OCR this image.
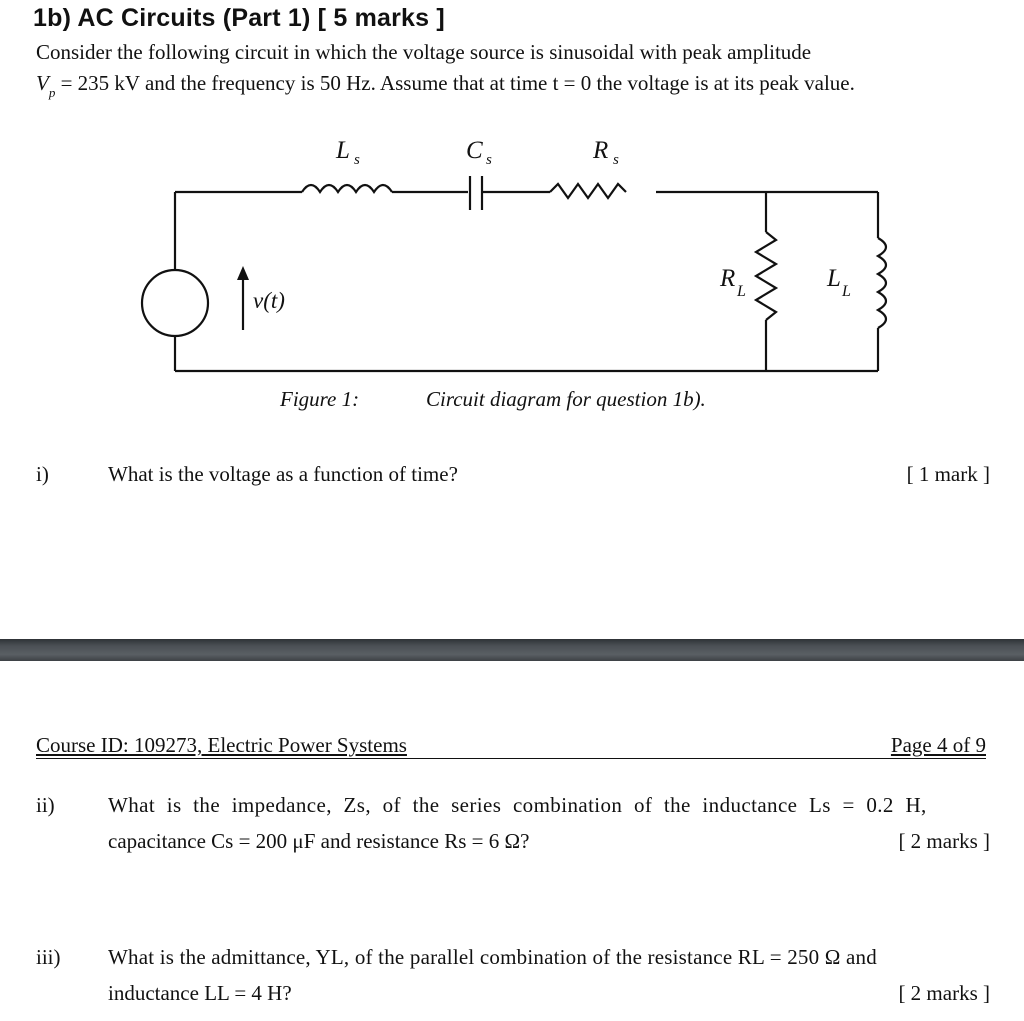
1b) AC Circuits (Part 1) [ 5 marks ]
Consider the following circuit in which the voltage source is sinusoidal with peak amplitude
$V_p = 235$ kV and the frequency is 50 Hz. Assume that at time t = 0 the voltage is at its peak value.
L s	C s	R s
R L	L L
v(t)
Figure 1:	Circuit diagram for question 1b).
i)	What is the voltage as a function of time?	[ 1 mark ]
Course ID: 109273, Electric Power Systems	Page 4 of 9
ii)	What is the impedance, Zs, of the series combination of the inductance Ls = 0.2 H,
capacitance Cs = 200 μF and resistance Rs = 6 Ω?	[ 2 marks ]
iii) What is the admittance, YL, of the parallel combination of the resistance RL = 250 Ω and
inductance LL = 4 H?	[ 2 marks ]
